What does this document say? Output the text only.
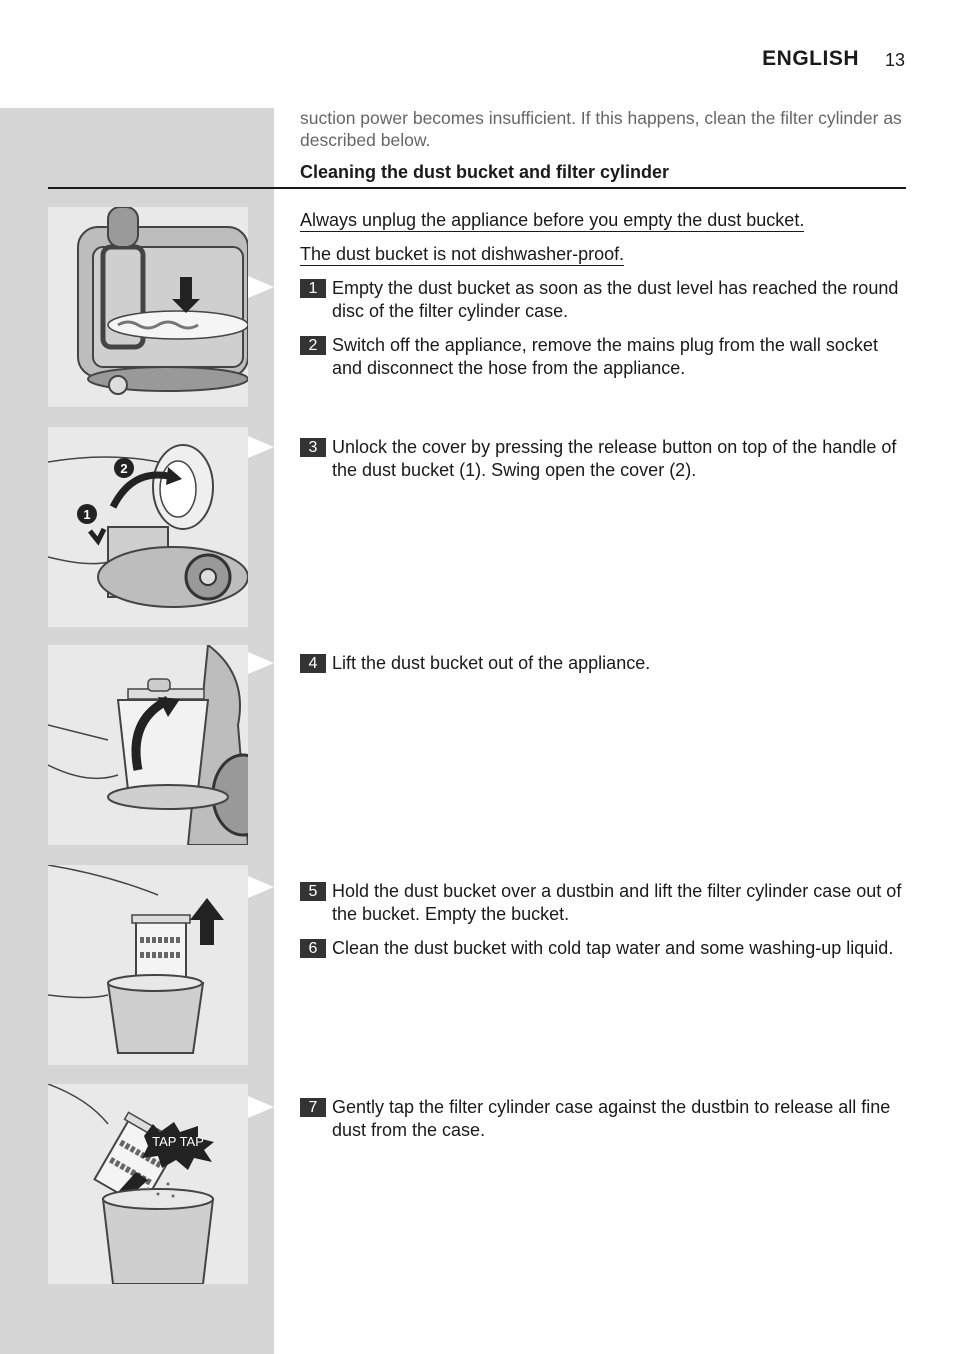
ENGLISH 13
suction power becomes insufficient. If this happens, clean the filter cylinder as described below.
Cleaning the dust bucket and filter cylinder
Always unplug the appliance before you empty the dust bucket.
The dust bucket is not dishwasher-proof.
1 Empty the dust bucket as soon as the dust level has reached the round disc of the filter cylinder case.
2 Switch off the appliance, remove the mains plug from the wall socket and disconnect the hose from the appliance.
3 Unlock the cover by pressing the release button on top of the handle of the dust bucket (1). Swing open the cover (2).
4 Lift the dust bucket out of the appliance.
5 Hold the dust bucket over a dustbin and lift the filter cylinder case out of the bucket. Empty the bucket.
6 Clean the dust bucket with cold tap water and some washing-up liquid.
7 Gently tap the filter cylinder case against the dustbin to release all fine dust from the case.
2
1
TAP TAP
